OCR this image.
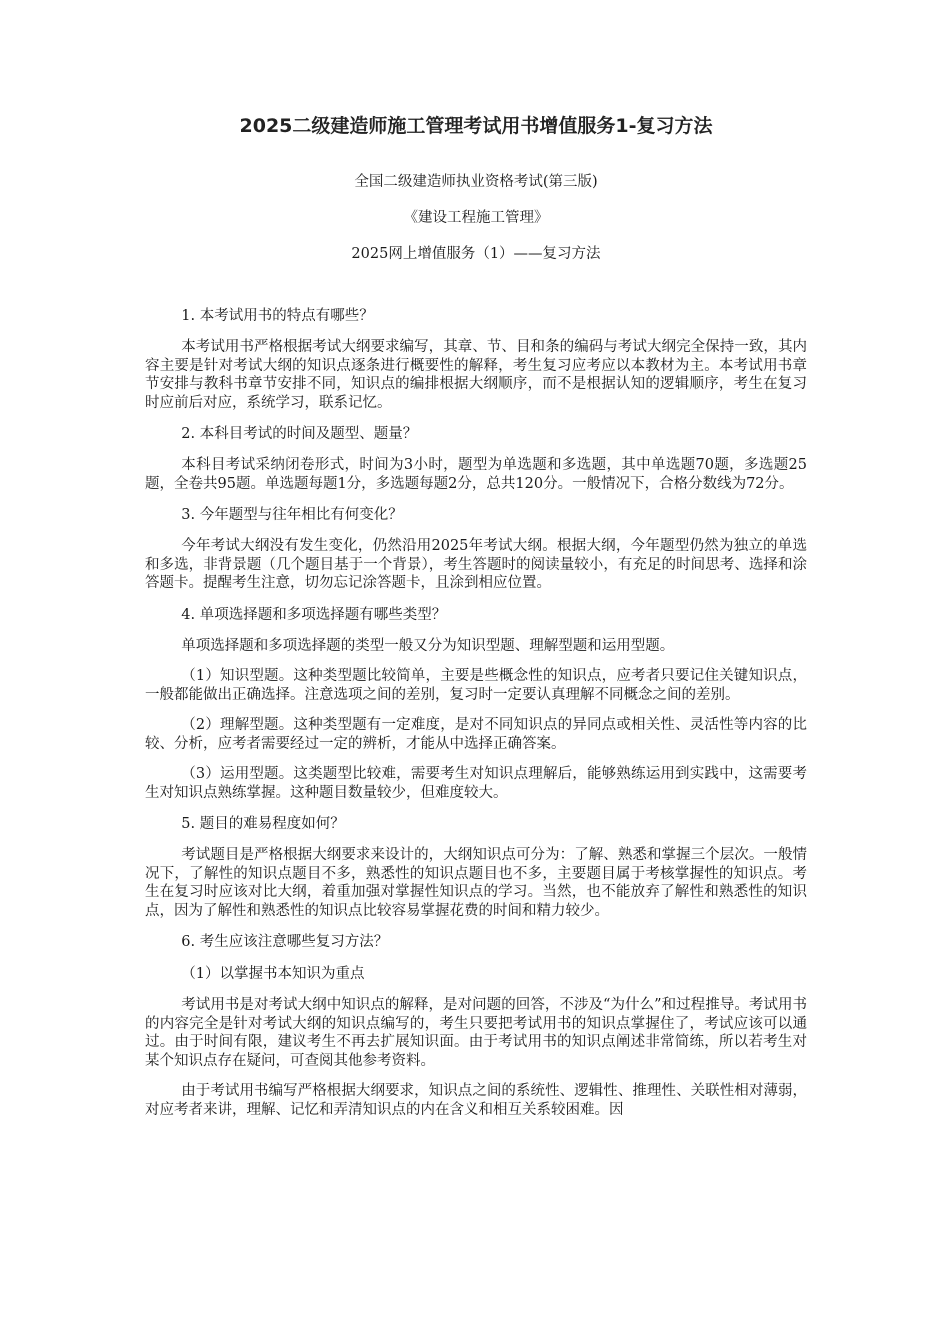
2025二级建造师施工管理考试用书增值服务1-复习方法
全国二级建造师执业资格考试(第三版)
《建设工程施工管理》
2025网上增值服务（1）——复习方法
1. 本考试用书的特点有哪些？
本考试用书严格根据考试大纲要求编写，其章、节、目和条的编码与考试大纲完全保持一致，其内容主要是针对考试大纲的知识点逐条进行概要性的解释，考生复习应考应以本教材为主。本考试用书章节安排与教科书章节安排不同，知识点的编排根据大纲顺序，而不是根据认知的逻辑顺序，考生在复习时应前后对应，系统学习，联系记忆。
2. 本科目考试的时间及题型、题量？
本科目考试采纳闭卷形式，时间为3小时，题型为单选题和多选题，其中单选题70题，多选题25题，全卷共95题。单选题每题1分，多选题每题2分，总共120分。一般情况下，合格分数线为72分。
3. 今年题型与往年相比有何变化？
今年考试大纲没有发生变化，仍然沿用2025年考试大纲。根据大纲，今年题型仍然为独立的单选和多选，非背景题（几个题目基于一个背景），考生答题时的阅读量较小，有充足的时间思考、选择和涂答题卡。提醒考生注意，切勿忘记涂答题卡，且涂到相应位置。
4. 单项选择题和多项选择题有哪些类型？
单项选择题和多项选择题的类型一般又分为知识型题、理解型题和运用型题。
（1）知识型题。这种类型题比较简单，主要是些概念性的知识点，应考者只要记住关键知识点，一般都能做出正确选择。注意选项之间的差别，复习时一定要认真理解不同概念之间的差别。
（2）理解型题。这种类型题有一定难度，是对不同知识点的异同点或相关性、灵活性等内容的比较、分析，应考者需要经过一定的辨析，才能从中选择正确答案。
（3）运用型题。这类题型比较难，需要考生对知识点理解后，能够熟练运用到实践中，这需要考生对知识点熟练掌握。这种题目数量较少，但难度较大。
5. 题目的难易程度如何？
考试题目是严格根据大纲要求来设计的，大纲知识点可分为：了解、熟悉和掌握三个层次。一般情况下，了解性的知识点题目不多，熟悉性的知识点题目也不多，主要题目属于考核掌握性的知识点。考生在复习时应该对比大纲，着重加强对掌握性知识点的学习。当然，也不能放弃了解性和熟悉性的知识点，因为了解性和熟悉性的知识点比较容易掌握花费的时间和精力较少。
6. 考生应该注意哪些复习方法？
（1）以掌握书本知识为重点
考试用书是对考试大纲中知识点的解释，是对问题的回答，不涉及“为什么”和过程推导。考试用书的内容完全是针对考试大纲的知识点编写的，考生只要把考试用书的知识点掌握住了，考试应该可以通过。由于时间有限，建议考生不再去扩展知识面。由于考试用书的知识点阐述非常简练，所以若考生对某个知识点存在疑问，可查阅其他参考资料。
由于考试用书编写严格根据大纲要求，知识点之间的系统性、逻辑性、推理性、关联性相对薄弱，对应考者来讲，理解、记忆和弄清知识点的内在含义和相互关系较困难。因
